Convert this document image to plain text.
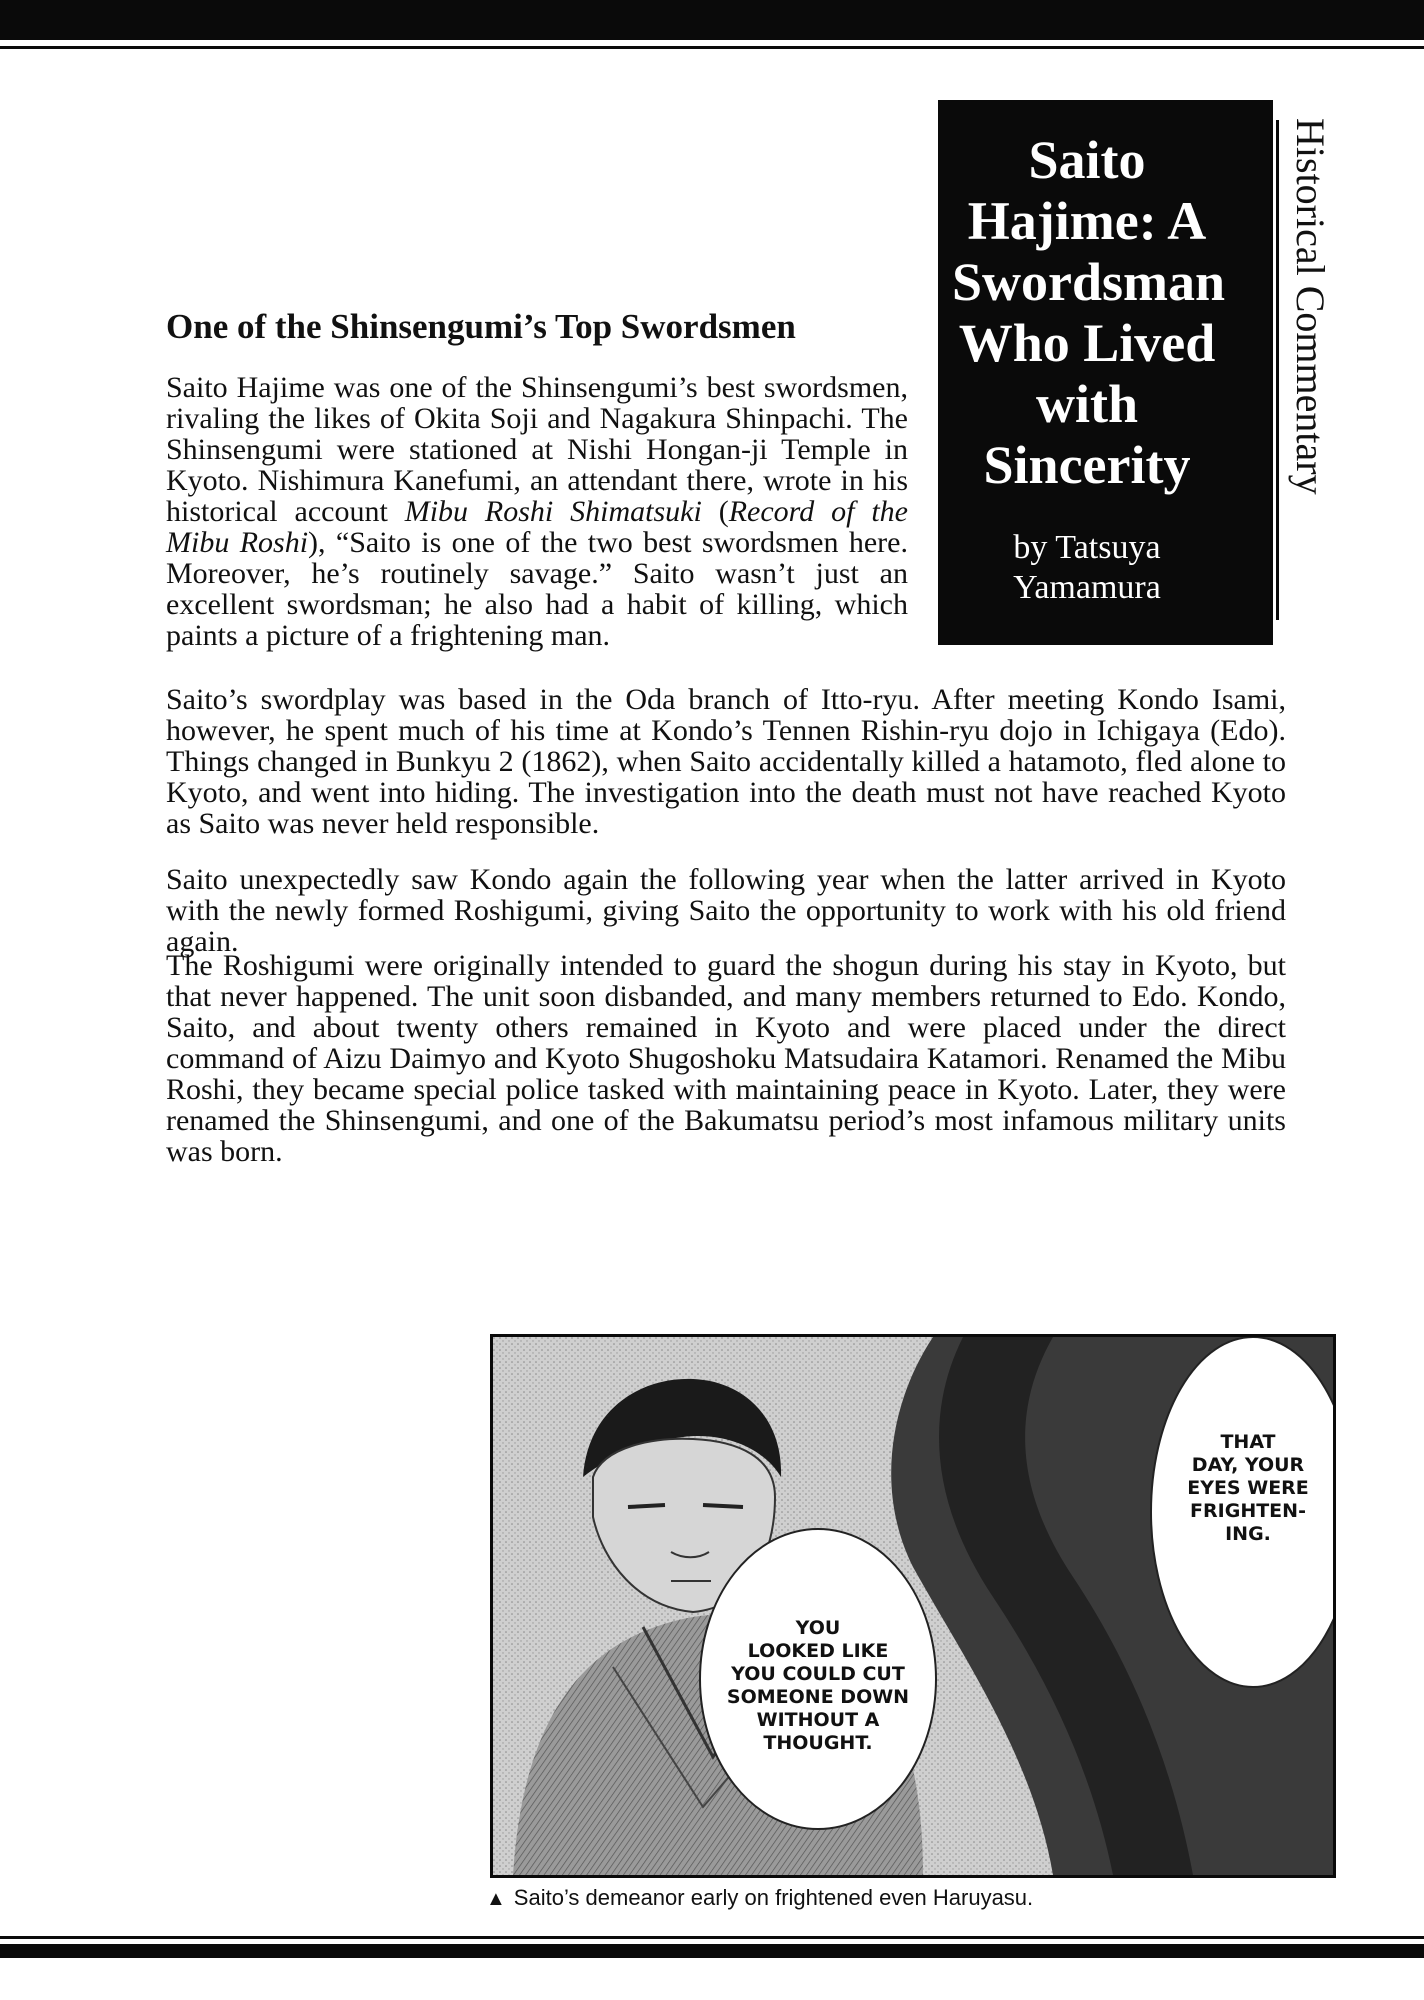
Saito
Hajime: A
Swordsman
Who Lived
with
Sincerity
by Tatsuya
Yamamura
Historical Commentary
One of the Shinsengumi’s Top Swordsmen

Saito Hajime was one of the Shinsengumi’s best swordsmen, rivaling the likes of Okita Soji and Nagakura Shinpachi. The Shinsengumi were stationed at Nishi Hongan-ji Temple in Kyoto. Nishimura Kanefumi, an attendant there, wrote in his historical account Mibu Roshi Shimatsuki (Record of the Mibu Roshi), “Saito is one of the two best swordsmen here. Moreover, he’s routinely savage.” Saito wasn’t just an excellent swordsman; he also had a habit of killing, which paints a picture of a frightening man.

Saito’s swordplay was based in the Oda branch of Itto-ryu. After meeting Kondo Isami, however, he spent much of his time at Kondo’s Tennen Rishin-ryu dojo in Ichigaya (Edo). Things changed in Bunkyu 2 (1862), when Saito accidentally killed a hatamoto, fled alone to Kyoto, and went into hiding. The investigation into the death must not have reached Kyoto as Saito was never held responsible.

Saito unexpectedly saw Kondo again the following year when the latter arrived in Kyoto with the newly formed Roshigumi, giving Saito the opportunity to work with his old friend again.

The Roshigumi were originally intended to guard the shogun during his stay in Kyoto, but that never happened. The unit soon disbanded, and many members returned to Edo. Kondo, Saito, and about twenty others remained in Kyoto and were placed under the direct command of Aizu Daimyo and Kyoto Shugoshoku Matsudaira Katamori. Renamed the Mibu Roshi, they became special police tasked with maintaining peace in Kyoto. Later, they were renamed the Shinsengumi, and one of the Bakumatsu period’s most infamous military units was born.

THAT
DAY, YOUR
EYES WERE
FRIGHTEN-
ING.
YOU
LOOKED LIKE
YOU COULD CUT
SOMEONE DOWN
WITHOUT A
THOUGHT.
▲ Saito’s demeanor early on frightened even Haruyasu.
